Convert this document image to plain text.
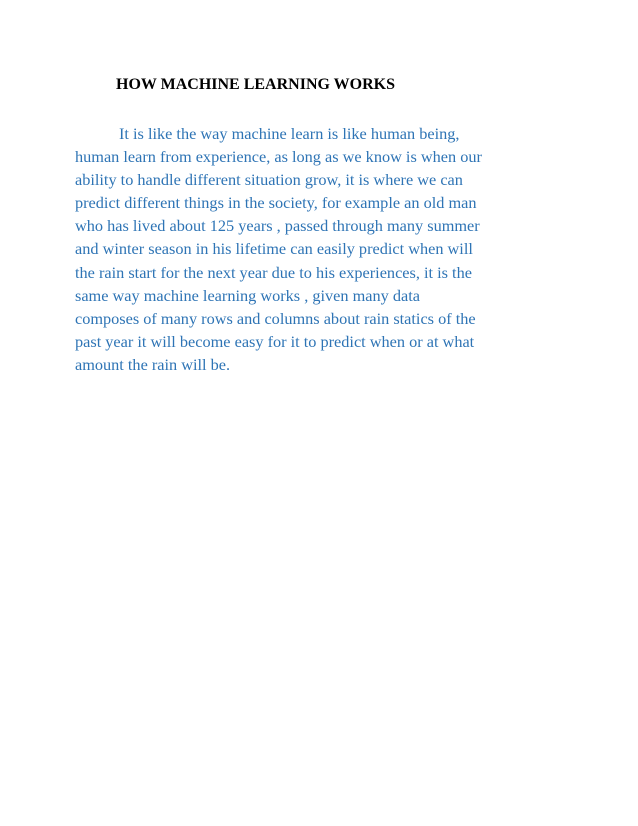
HOW MACHINE LEARNING WORKS

It is like the way machine learn is like human being,
human learn from experience, as long as we know is when our
ability to handle different situation grow, it is where we can
predict different things in the society, for example an old man
who has lived about 125 years , passed through many summer
and winter season in his lifetime can easily predict when will
the rain start for the next year due to his experiences, it is the
same way machine learning works , given many data
composes of many rows and columns about rain statics of the
past year it will become easy for it to predict when or at what
amount the rain will be.
